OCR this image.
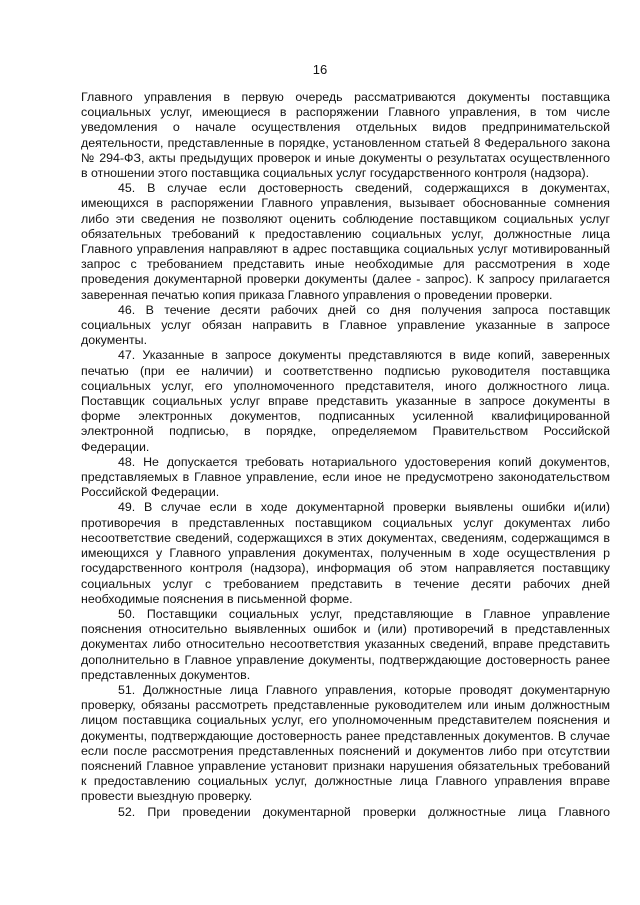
16

Главного управления в первую очередь рассматриваются документы поставщика социальных услуг, имеющиеся в распоряжении Главного управления, в том числе уведомления о начале осуществления отдельных видов предпринимательской деятельности, представленные в порядке, установленном статьей 8 Федерального закона № 294-ФЗ, акты предыдущих проверок и иные документы о результатах осуществленного в отношении этого поставщика социальных услуг государственного контроля (надзора).

45. В случае если достоверность сведений, содержащихся в документах, имеющихся в распоряжении Главного управления, вызывает обоснованные сомнения либо эти сведения не позволяют оценить соблюдение поставщиком социальных услуг обязательных требований к предоставлению социальных услуг, должностные лица Главного управления направляют в адрес поставщика социальных услуг мотивированный запрос с требованием представить иные необходимые для рассмотрения в ходе проведения документарной проверки документы (далее - запрос). К запросу прилагается заверенная печатью копия приказа Главного управления о проведении проверки.

46. В течение десяти рабочих дней со дня получения запроса поставщик социальных услуг обязан направить в Главное управление указанные в запросе документы.

47. Указанные в запросе документы представляются в виде копий, заверенных печатью (при ее наличии) и соответственно подписью руководителя поставщика социальных услуг, его уполномоченного представителя, иного должностного лица. Поставщик социальных услуг вправе представить указанные в запросе документы в форме электронных документов, подписанных усиленной квалифицированной электронной подписью, в порядке, определяемом Правительством Российской Федерации.

48. Не допускается требовать нотариального удостоверения копий документов, представляемых в Главное управление, если иное не предусмотрено законодательством Российской Федерации.

49. В случае если в ходе документарной проверки выявлены ошибки и(или) противоречия в представленных поставщиком социальных услуг документах либо несоответствие сведений, содержащихся в этих документах, сведениям, содержащимся в имеющихся у Главного управления документах, полученным в ходе осуществления р государственного контроля (надзора), информация об этом направляется поставщику социальных услуг с требованием представить в течение десяти рабочих дней необходимые пояснения в письменной форме.

50. Поставщики социальных услуг, представляющие в Главное управление пояснения относительно выявленных ошибок и (или) противоречий в представленных документах либо относительно несоответствия указанных сведений, вправе представить дополнительно в Главное управление документы, подтверждающие достоверность ранее представленных документов.

51. Должностные лица Главного управления, которые проводят документарную проверку, обязаны рассмотреть представленные руководителем или иным должностным лицом поставщика социальных услуг, его уполномоченным представителем пояснения и документы, подтверждающие достоверность ранее представленных документов. В случае если после рассмотрения представленных пояснений и документов либо при отсутствии пояснений Главное управление установит признаки нарушения обязательных требований к предоставлению социальных услуг, должностные лица Главного управления вправе провести выездную проверку.

52. При проведении документарной проверки должностные лица Главного
